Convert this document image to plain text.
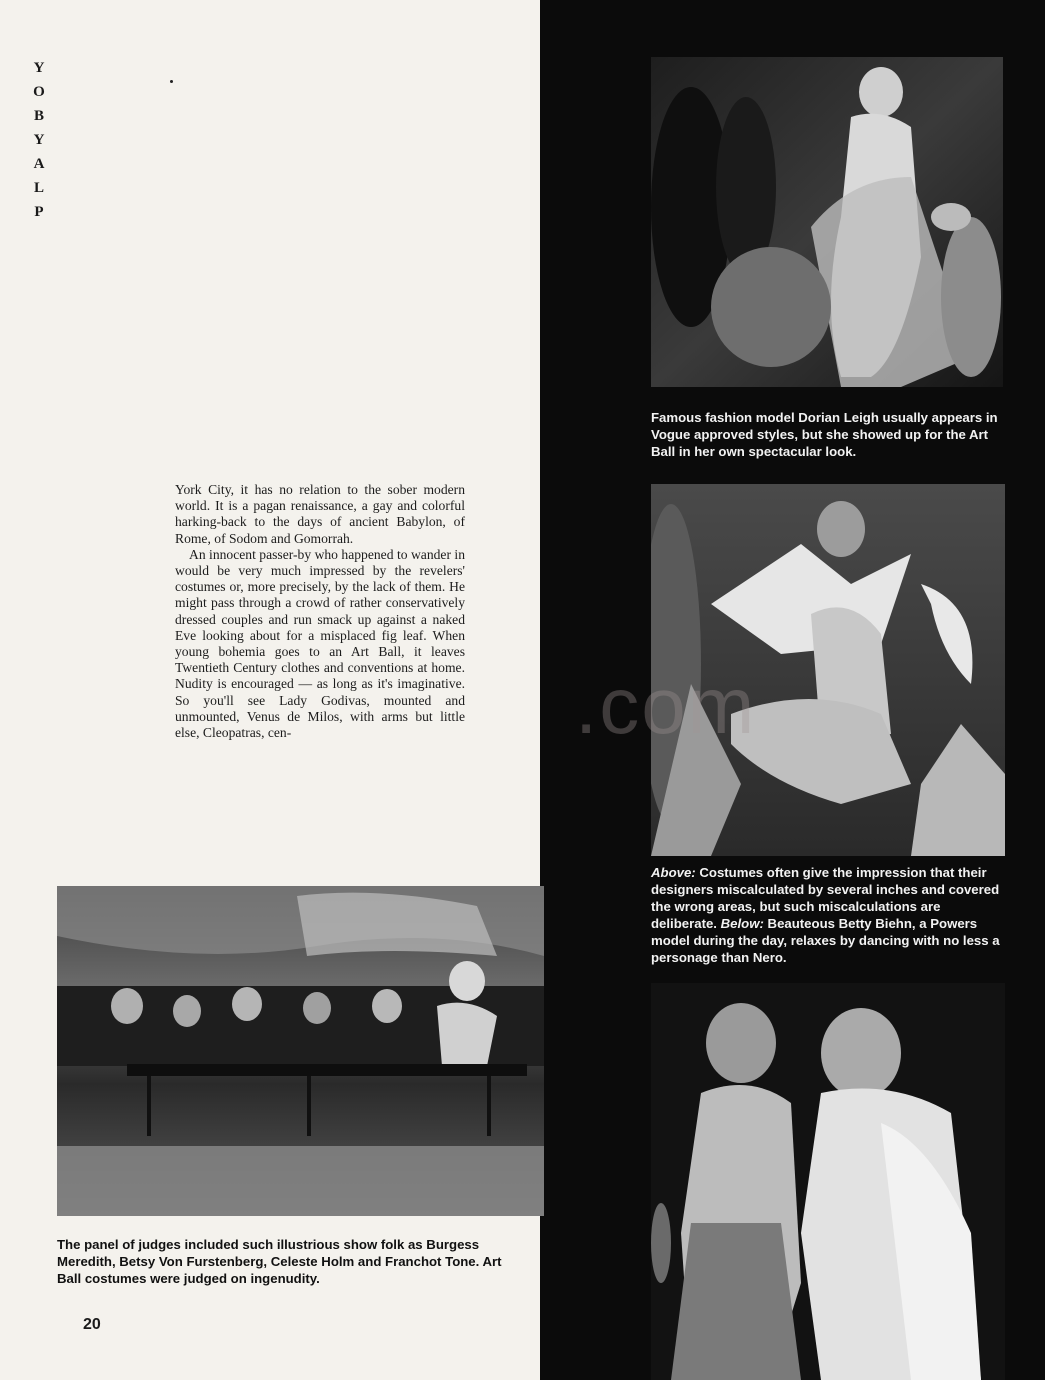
Y
O
B
Y
A
L
P

York City, it has no relation to the sober modern world. It is a pagan renaissance, a gay and colorful harking-back to the days of ancient Babylon, of Rome, of Sodom and Gomorrah.

An innocent passer-by who happened to wander in would be very much impressed by the revelers' costumes or, more precisely, by the lack of them. He might pass through a crowd of rather conservatively dressed couples and run smack up against a naked Eve looking about for a misplaced fig leaf. When young bohemia goes to an Art Ball, it leaves Twentieth Century clothes and conventions at home. Nudity is encouraged — as long as it's imaginative. So you'll see Lady Godivas, mounted and unmounted, Venus de Milos, with arms but little else, Cleopatras, cen-

Famous fashion model Dorian Leigh usually appears in Vogue approved styles, but she showed up for the Art Ball in her own spectacular look.
Above: Costumes often give the impression that their designers miscalculated by several inches and covered the wrong areas, but such miscalculations are deliberate. Below: Beauteous Betty Biehn, a Powers model during the day, relaxes by dancing with no less a personage than Nero.
The panel of judges included such illustrious show folk as Burgess Meredith, Betsy Von Furstenberg, Celeste Holm and Franchot Tone. Art Ball costumes were judged on ingenudity.
.com
20
